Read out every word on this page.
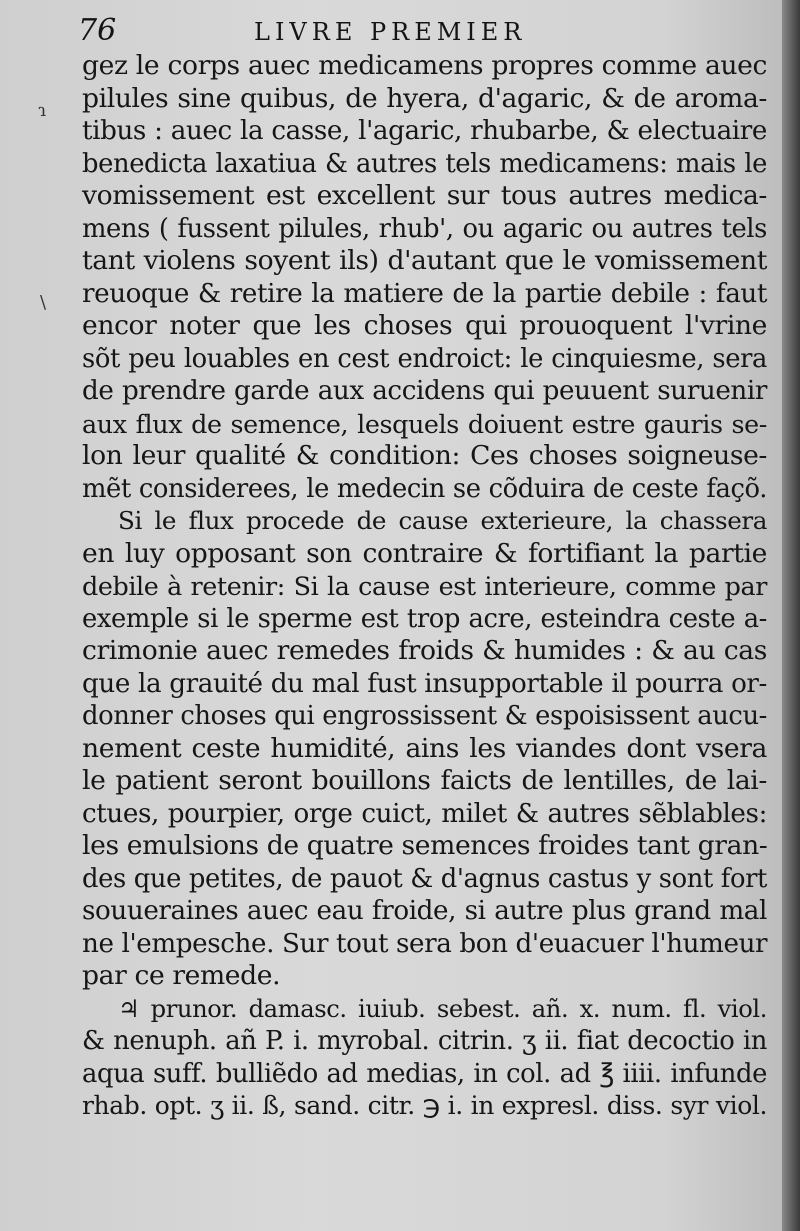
76	LIVRE PREMIER
ɿ
\
gez le corps auec medicamens propres comme auec
pilules sine quibus, de hyera, d'agaric, & de aroma-
tibus : auec la casse, l'agaric, rhubarbe, & electuaire
benedicta laxatiua & autres tels medicamens: mais le
vomissement est excellent sur tous autres medica-
mens ( fussent pilules, rhub', ou agaric ou autres tels
tant violens soyent ils) d'autant que le vomissement
reuoque & retire la matiere de la partie debile : faut
encor noter que les choses qui prouoquent l'vrine
sõt peu louables en cest endroict: le cinquiesme, sera
de prendre garde aux accidens qui peuuent suruenir
aux flux de semence, lesquels doiuent estre gauris se-
lon leur qualité & condition: Ces choses soigneuse-
mẽt considerees, le medecin se cõduira de ceste façõ.
Si le flux procede de cause exterieure, la chassera
en luy opposant son contraire & fortifiant la partie
debile à retenir: Si la cause est interieure, comme par
exemple si le sperme est trop acre, esteindra ceste a-
crimonie auec remedes froids & humides : & au cas
que la grauité du mal fust insupportable il pourra or-
donner choses qui engrossissent & espoisissent aucu-
nement ceste humidité, ains les viandes dont vsera
le patient seront bouillons faicts de lentilles, de lai-
ctues, pourpier, orge cuict, milet & autres sẽblables:
les emulsions de quatre semences froides tant gran-
des que petites, de pauot & d'agnus castus y sont fort
souueraines auec eau froide, si autre plus grand mal
ne l'empesche. Sur tout sera bon d'euacuer l'humeur
par ce remede.
♃ prunor. damasc. iuiub. sebest. añ. x. num. fl. viol.
& nenuph. añ P. i. myrobal. citrin. ʒ ii. fiat decoctio in
aqua suff. bulliẽdo ad medias, in col. ad ℥ iiii. infunde
rhab. opt. ʒ ii. ß, sand. citr. ℈ i. in expresl. diss. syr viol.
